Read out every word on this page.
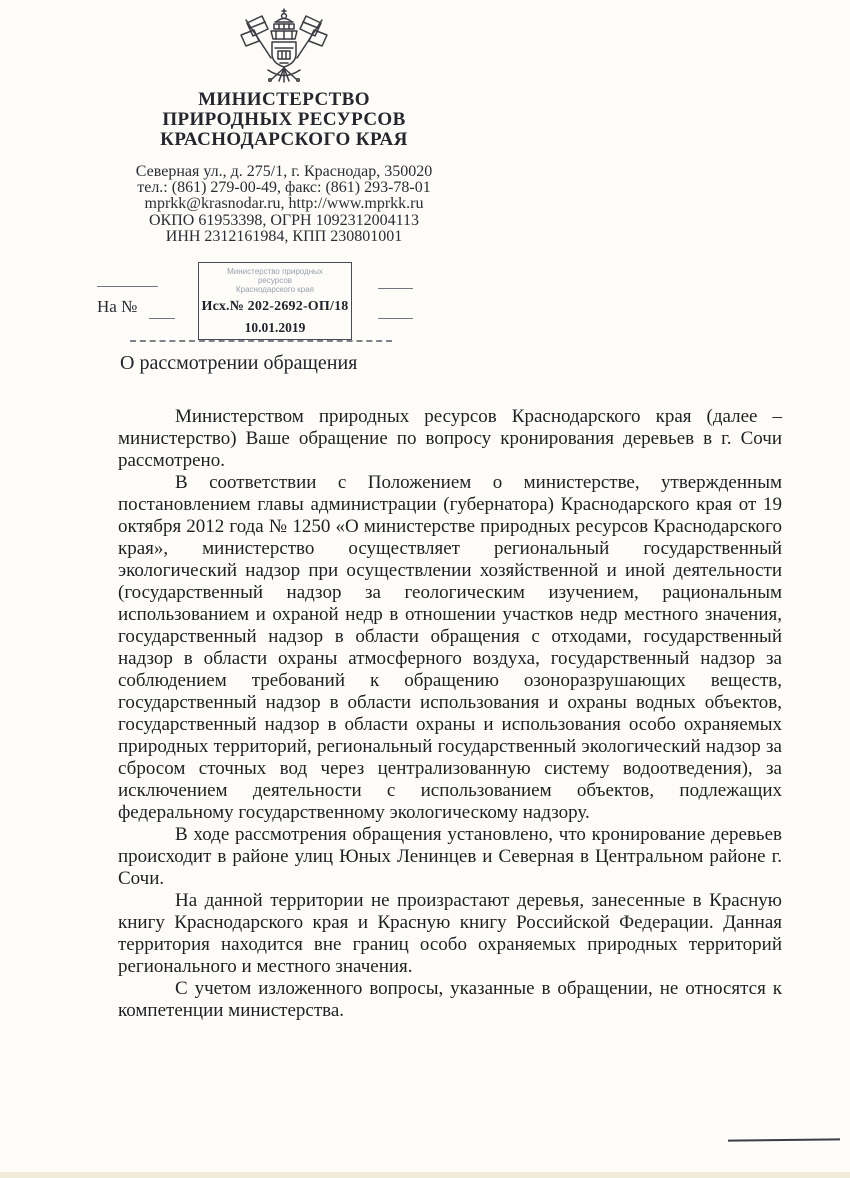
МИНИСТЕРСТВО
ПРИРОДНЫХ РЕСУРСОВ
КРАСНОДАРСКОГО КРАЯ
Северная ул., д. 275/1, г. Краснодар, 350020
тел.: (861) 279-00-49, факс: (861) 293-78-01
mprkk@krasnodar.ru, http://www.mprkk.ru
ОКПО 61953398, ОГРН 1092312004113
ИНН 2312161984, КПП 230801001
На №
Министерство природных
ресурсов
Краснодарского края
Исх.№ 202-2692-ОП/18
10.01.2019
О рассмотрении обращения

Министерством природных ресурсов Краснодарского края (далее – министерство) Ваше обращение по вопросу кронирования деревьев в г. Сочи рассмотрено.

В соответствии с Положением о министерстве, утвержденным постановлением главы администрации (губернатора) Краснодарского края от 19 октября 2012 года № 1250 «О министерстве природных ресурсов Краснодарского края», министерство осуществляет региональный государственный экологический надзор при осуществлении хозяйственной и иной деятельности (государственный надзор за геологическим изучением, рациональным использованием и охраной недр в отношении участков недр местного значения, государственный надзор в области обращения с отходами, государственный надзор в области охраны атмосферного воздуха, государственный надзор за соблюдением требований к обращению озоноразрушающих веществ, государственный надзор в области использования и охраны водных объектов, государственный надзор в области охраны и использования особо охраняемых природных территорий, региональный государственный экологический надзор за сбросом сточных вод через централизованную систему водоотведения), за исключением деятельности с использованием объектов, подлежащих федеральному государственному экологическому надзору.

В ходе рассмотрения обращения установлено, что кронирование деревьев происходит в районе улиц Юных Ленинцев и Северная в Центральном районе г. Сочи.

На данной территории не произрастают деревья, занесенные в Красную книгу Краснодарского края и Красную книгу Российской Федерации. Данная территория находится вне границ особо охраняемых природных территорий регионального и местного значения.

С учетом изложенного вопросы, указанные в обращении, не относятся к компетенции министерства.
